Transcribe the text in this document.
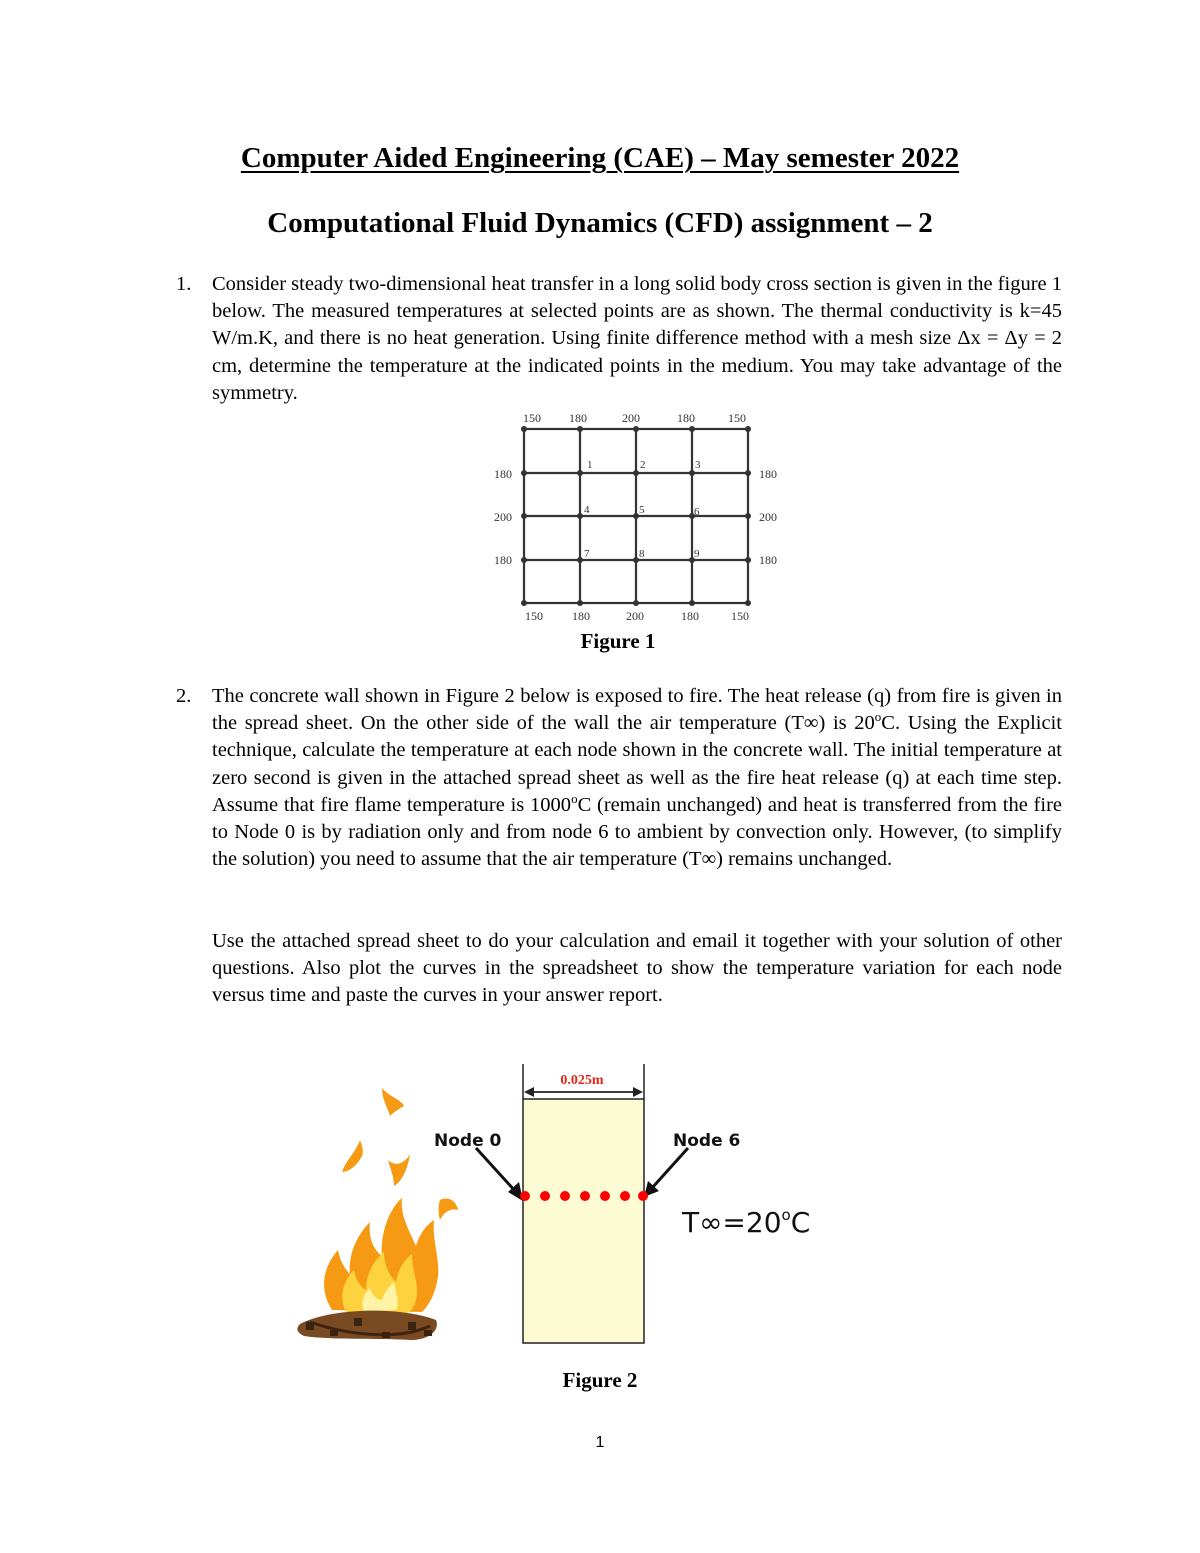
Computer Aided Engineering (CAE) – May semester 2022
Computational Fluid Dynamics (CFD) assignment – 2
1. Consider steady two-dimensional heat transfer in a long solid body cross section is given in the figure 1 below. The measured temperatures at selected points are as shown. The thermal conductivity is k=45 W/m.K, and there is no heat generation. Using finite difference method with a mesh size Δx = Δy = 2 cm, determine the temperature at the indicated points in the medium. You may take advantage of the symmetry.
150 180	200	180	150
150 180	200	180	150
180
200
180
180
200
180
1	2	3
4	5	6
7	8	9
Figure 1
2. The concrete wall shown in Figure 2 below is exposed to fire. The heat release (q) from fire is given in the spread sheet. On the other side of the wall the air temperature (T∞) is 20$^o$C. Using the Explicit technique, calculate the temperature at each node shown in the concrete wall. The initial temperature at zero second is given in the attached spread sheet as well as the fire heat release (q) at each time step. Assume that fire flame temperature is 1000$^o$C (remain unchanged) and heat is transferred from the fire to Node 0 is by radiation only and from node 6 to ambient by convection only. However, (to simplify the solution) you need to assume that the air temperature (T∞) remains unchanged.
Use the attached spread sheet to do your calculation and email it together with your solution of other questions. Also plot the curves in the spreadsheet to show the temperature variation for each node versus time and paste the curves in your answer report.
0.025m
Node 0	Node 6
$T\infty=20^oC$
Figure 2
1
